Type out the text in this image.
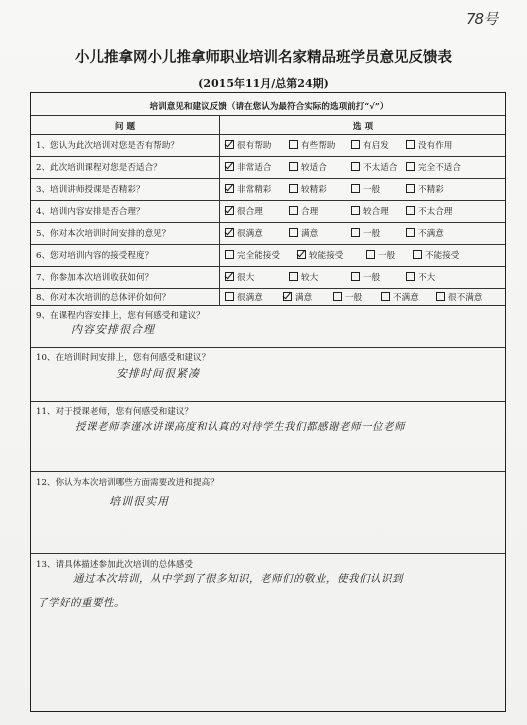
78号
小儿推拿网小儿推拿师职业培训名家精品班学员意见反馈表
(2015年11月/总第24期)
培训意见和建议反馈（请在您认为最符合实际的选项前打“√”）
问 题	选 项
1、您认为此次培训对您是否有帮助？	很有帮助	有些帮助	有启发	没有作用
2、此次培训课程对您是否适合？	非常适合	较适合	不太适合	完全不适合
3、培训讲师授课是否精彩？	非常精彩	较精彩	一般	不精彩
4、培训内容安排是否合理？	很合理	合理	较合理	不太合理
5、你对本次培训时间安排的意见？	很满意	满意	一般	不满意
6、您对培训内容的接受程度？	完全能接受	较能接受	一般	不能接受
7、你参加本次培训收获如何？	很大	较大	一般	不大
8、你对本次培训的总体评价如何？	很满意	满意	一般	不满意	很不满意
9、在课程内容安排上，您有何感受和建议？
内容安排很合理
10、在培训时间安排上，您有何感受和建议？
安排时间很紧凑
11、对于授课老师，您有何感受和建议？
授课老师李谨冰讲课高度和认真的对待学生我们都感谢老师一位老师
12、你认为本次培训哪些方面需要改进和提高？
培训很实用
13、请具体描述参加此次培训的总体感受
通过本次培训，从中学到了很多知识，老师们的敬业，使我们认识到
了学好的重要性。
